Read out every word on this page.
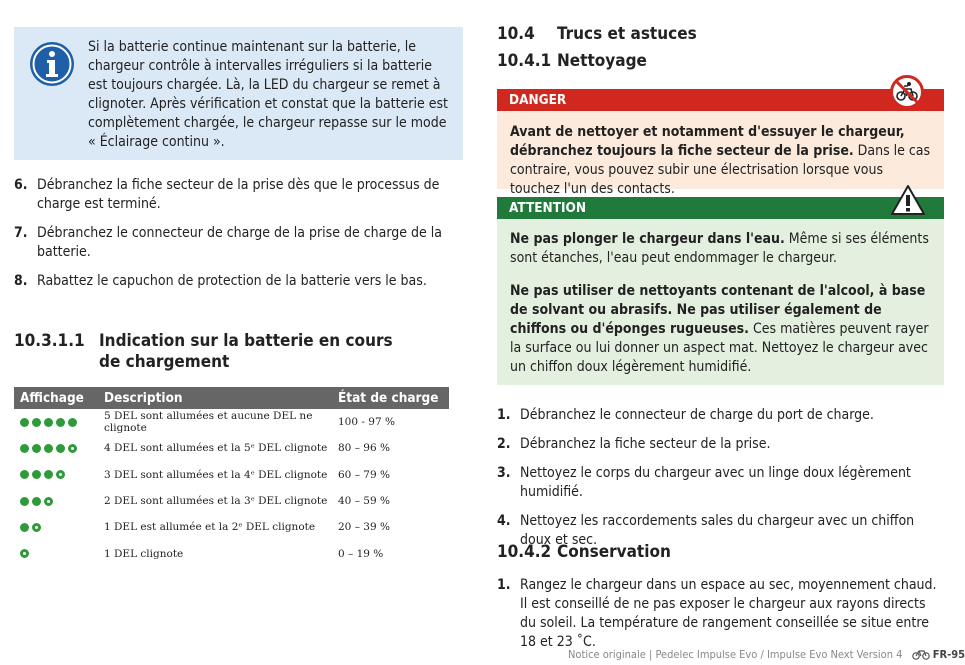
Si la batterie continue maintenant sur la batterie, le chargeur contrôle à intervalles irréguliers si la batterie est toujours chargée. Là, la LED du chargeur se remet à clignoter. Après vérification et constat que la batterie est complètement chargée, le chargeur repasse sur le mode « Éclairage continu ».
6. Débranchez la fiche secteur de la prise dès que le processus de charge est terminé.
7. Débranchez le connecteur de charge de la prise de charge de la batterie.
8. Rabattez le capuchon de protection de la batterie vers le bas.
10.3.1.1 Indication sur la batterie en cours de chargement
Affichage	Description	État de charge

	5 DEL sont allumées et aucune DEL ne clignote	100 - 97 %

	4 DEL sont allumées et la 5ᵉ DEL clignote	80 – 96 %

	3 DEL sont allumées et la 4ᵉ DEL clignote	60 – 79 %

	2 DEL sont allumées et la 3ᵉ DEL clignote	40 – 59 %

	1 DEL est allumée et la 2ᵉ DEL clignote	20 – 39 %

	1 DEL clignote	0 – 19 %
10.4 Trucs et astuces
10.4.1 Nettoyage
DANGER
Avant de nettoyer et notamment d'essuyer le chargeur, débranchez toujours la fiche secteur de la prise. Dans le cas contraire, vous pouvez subir une électrisation lorsque vous touchez l'un des contacts.
ATTENTION
Ne pas plonger le chargeur dans l'eau. Même si ses éléments sont étanches, l'eau peut endommager le chargeur.
Ne pas utiliser de nettoyants contenant de l'alcool, à base de solvant ou abrasifs. Ne pas utiliser également de chiffons ou d'éponges rugueuses. Ces matières peuvent rayer la surface ou lui donner un aspect mat. Nettoyez le chargeur avec un chiffon doux légèrement humidifié.
1. Débranchez le connecteur de charge du port de charge.
2. Débranchez la fiche secteur de la prise.
3. Nettoyez le corps du chargeur avec un linge doux légèrement humidifié.
4. Nettoyez les raccordements sales du chargeur avec un chiffon doux et sec.
10.4.2 Conservation
1. Rangez le chargeur dans un espace au sec, moyennement chaud. Il est conseillé de ne pas exposer le chargeur aux rayons directs du soleil. La température de rangement conseillée se situe entre 18 et 23 ˚C.
Notice originale | Pedelec Impulse Evo / Impulse Evo Next Version 4	FR-95
